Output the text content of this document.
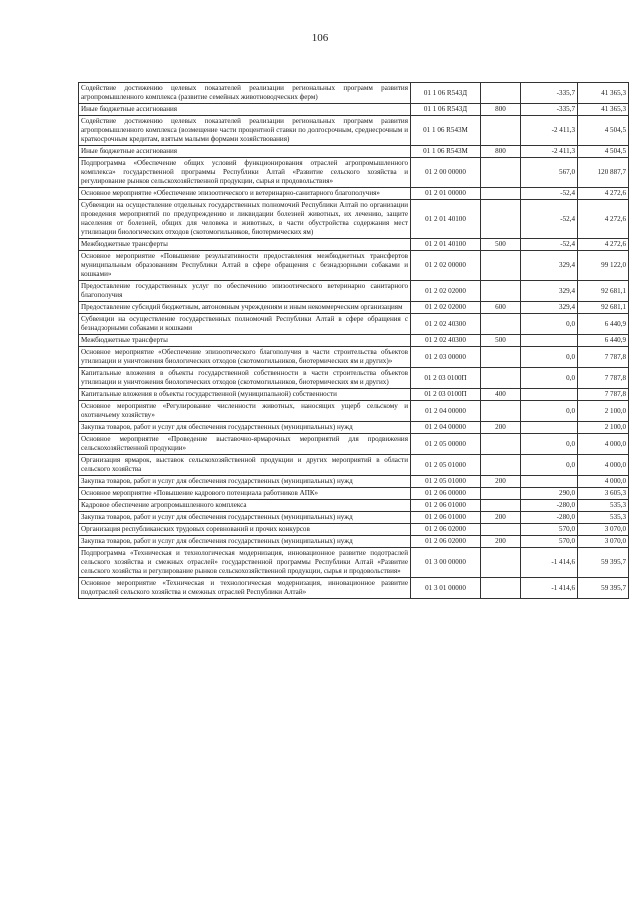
106
Содействие достижению целевых показателей реализации региональных программ развития агропромышленного комплекса (развитие семейных животноводческих ферм)	01 1 06 R543Д		-335,7	41 365,3
Иные бюджетные ассигнования	01 1 06 R543Д	800	-335,7	41 365,3
Содействие достижению целевых показателей реализации региональных программ развития агропромышленного комплекса (возмещение части процентной ставки по долгосрочным, среднесрочным и краткосрочным кредитам, взятым малыми формами хозяйствования)	01 1 06 R543М		-2 411,3	4 504,5
Иные бюджетные ассигнования	01 1 06 R543М	800	-2 411,3	4 504,5
Подпрограмма «Обеспечение общих условий функционирования отраслей агропромышленного комплекса» государственной программы Республики Алтай «Развитие сельского хозяйства и регулирование рынков сельскохозяйственной продукции, сырья и продовольствия»	01 2 00 00000		567,0	120 887,7
Основное мероприятие «Обеспечение эпизоотического и ветеринарно-санитарного благополучия»	01 2 01 00000		-52,4	4 272,6
Субвенции на осуществление отдельных государственных полномочий Республики Алтай по организации проведения мероприятий по предупреждению и ликвидации болезней животных, их лечению, защите населения от болезней, общих для человека и животных, в части обустройства содержания мест утилизации биологических отходов (скотомогильников, биотермических ям)	01 2 01 40100		-52,4	4 272,6
Межбюджетные трансферты	01 2 01 40100	500	-52,4	4 272,6
Основное мероприятие «Повышение результативности предоставления межбюджетных трансфертов муниципальным образованиям Республики Алтай в сфере обращения с безнадзорными собаками и кошками»	01 2 02 00000		329,4	99 122,0
Предоставление государственных услуг по обеспечению эпизоотического ветеринарно санитарного благополучия	01 2 02 02000		329,4	92 681,1
Предоставление субсидий бюджетным, автономным учреждениям и иным некоммерческим организациям	01 2 02 02000	600	329,4	92 681,1
Субвенции на осуществление государственных полномочий Республики Алтай в сфере обращения с безнадзорными собаками и кошками	01 2 02 40300		0,0	6 440,9
Межбюджетные трансферты	01 2 02 40300	500		6 440,9
Основное мероприятие «Обеспечение эпизоотического благополучия в части строительства объектов утилизации и уничтожения биологических отходов (скотомогильников, биотермических ям и других)»	01 2 03 00000		0,0	7 787,8
Капитальные вложения в объекты государственной собственности в части строительства объектов утилизации и уничтожения биологических отходов (скотомогильников, биотермических ям и других)	01 2 03 0100П		0,0	7 787,8
Капитальные вложения в объекты государственной (муниципальной) собственности	01 2 03 0100П	400		7 787,8
Основное мероприятие «Регулирование численности животных, наносящих ущерб сельскому и охотничьему хозяйству»	01 2 04 00000		0,0	2 100,0
Закупка товаров, работ и услуг для обеспечения государственных (муниципальных) нужд	01 2 04 00000	200		2 100,0
Основное мероприятие «Проведение выставочно-ярмарочных мероприятий для продвижения сельскохозяйственной продукции»	01 2 05 00000		0,0	4 000,0
Организация ярмарок, выставок сельскохозяйственной продукции и других мероприятий в области сельского хозяйства	01 2 05 01000		0,0	4 000,0
Закупка товаров, работ и услуг для обеспечения государственных (муниципальных) нужд	01 2 05 01000	200		4 000,0
Основное мероприятие «Повышение кадрового потенциала работников АПК»	01 2 06 00000		290,0	3 605,3
Кадровое обеспечение агропромышленного комплекса	01 2 06 01000		-280,0	535,3
Закупка товаров, работ и услуг для обеспечения государственных (муниципальных) нужд	01 2 06 01000	200	-280,0	535,3
Организация республиканских трудовых соревнований и прочих конкурсов	01 2 06 02000		570,0	3 070,0
Закупка товаров, работ и услуг для обеспечения государственных (муниципальных) нужд	01 2 06 02000	200	570,0	3 070,0
Подпрограмма «Техническая и технологическая модернизация, инновационное развитие подотраслей сельского хозяйства и смежных отраслей» государственной программы Республики Алтай «Развитие сельского хозяйства и регулирование рынков сельскохозяйственной продукции, сырья и продовольствия»	01 3 00 00000		-1 414,6	59 395,7
Основное мероприятие «Техническая и технологическая модернизация, инновационное развитие подотраслей сельского хозяйства и смежных отраслей Республики Алтай»	01 3 01 00000		-1 414,6	59 395,7
